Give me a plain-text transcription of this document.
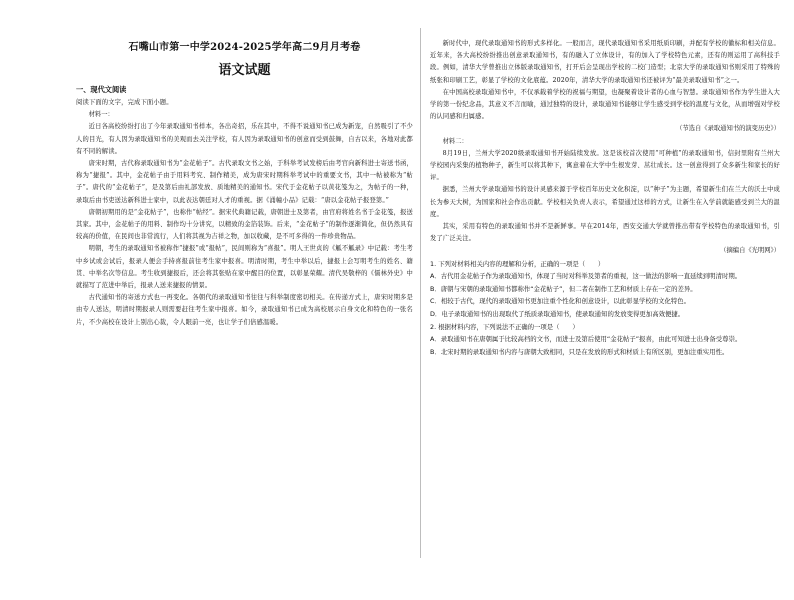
石嘴山市第一中学2024-2025学年高二9月月考卷
语文试题
一、现代文阅读

阅读下面的文字，完成下面小题。

材料一：

近日各高校纷纷打出了今年录取通知书样本，各出奇招，乐在其中，不得不说通知书已成为新宠，自然吸引了不少人的目光，有人因为录取通知书的美观而去关注学校，有人因为录取通知书的创意而受到鼓舞，自古以来，各地对此都有不同的解读。

唐宋时期，古代称录取通知书为“金花帖子”。古代录取文书之始，于科举考试发榜后由考官向新科进士寄送书函，称为“捷报”。其中，金花帖子由于用料考究、制作精美，成为唐宋时期科举考试中的重要文书，其中一帖被称为“帖子”。唐代的“金花帖子”，是及第后由礼部发放、质地精美的通知书。宋代于金花帖子以黄花笺为之，为帖子的一种，录取后由书吏送达新科进士家中，以此表达朝廷对人才的重视。据《涌幢小品》记载：“唐以金花帖子报登第。”

唐朝初期用的是“金花帖子”，也称作“帖经”。据宋代典籍记载，唐朝进士及第者，由官府将姓名书于金花笺，报送其家。其中，金花帖子的用料、制作均十分讲究，以精致的金箔装饰。后来，“金花帖子”的制作逐渐简化，但仍然具有较高的价值，在民间也非常流行，人们将其视为吉祥之物，加以收藏，是不可多得的一件珍贵物品。

明朝，考生的录取通知书被称作“捷报”或“报帖”，民间则称为“喜报”。明人王世贞的《觚不觚录》中记载：考生考中乡试或会试后，报录人便会手持喜报前往考生家中报喜。明清时期，考生中举以后，捷报上会写明考生的姓名、籍贯、中举名次等信息。考生收到捷报后，还会将其张贴在家中醒目的位置，以彰显荣耀。清代吴敬梓的《儒林外史》中就描写了范进中举后，报录人送来捷报的情景。

古代通知书的寄送方式也一再变化。各朝代的录取通知书往往与科举制度密切相关。在传递方式上，唐宋时期多是由专人送达，明清时期报录人则需要赶往考生家中报喜。如今，录取通知书已成为高校展示自身文化和特色的一张名片，不少高校在设计上别出心裁，令人眼前一亮，也让学子们倍感温暖。

新时代中，现代录取通知书的形式多样化。一般而言，现代录取通知书采用纸质印刷，并配有学校的徽标和相关信息。近年来，各大高校纷纷推出创意录取通知书，有的融入了立体设计，有的加入了学校特色元素，还有的则运用了高科技手段。例如，清华大学曾推出立体版录取通知书，打开后会呈现出学校的二校门造型；北京大学的录取通知书则采用了特殊的纸张和印刷工艺，彰显了学校的文化底蕴。2020年，清华大学的录取通知书还被评为“最美录取通知书”之一。

在中国高校录取通知书中，不仅承载着学校的祝福与期望，也凝聚着设计者的心血与智慧。录取通知书作为学生进入大学的第一份纪念品，其意义不言而喻，通过独特的设计，录取通知书能够让学生感受到学校的温度与文化，从而增强对学校的认同感和归属感。

（节选自《录取通知书的演变历史》）

材料二：

8月19日，兰州大学2020级录取通知书开始陆续发放。这是该校首次使用“可种植”的录取通知书，信封里附有兰州大学校园内采集的植物种子，新生可以将其种下，寓意着在大学中生根发芽、茁壮成长。这一创意得到了众多新生和家长的好评。

据悉，兰州大学录取通知书的设计灵感来源于学校百年历史文化积淀，以“种子”为主题，希望新生们在兰大的沃土中成长为参天大树，为国家和社会作出贡献。学校相关负责人表示，希望通过这样的方式，让新生在入学前就能感受到兰大的温度。

其实，采用有特色的录取通知书并不是新鲜事。早在2014年，西安交通大学就曾推出带有学校特色的录取通知书，引发了广泛关注。

（摘编自《光明网》）

1. 下列对材料相关内容的理解和分析，正确的一项是（　　）

A．古代用金花帖子作为录取通知书，体现了当时对科举及第者的重视，这一做法的影响一直延续到明清时期。

B．唐朝与宋朝的录取通知书都称作“金花帖子”，但二者在制作工艺和材质上存在一定的差异。

C．相较于古代，现代的录取通知书更加注重个性化和创意设计，以此彰显学校的文化特色。

D．电子录取通知书的出现取代了纸质录取通知书，使录取通知的发放变得更加高效便捷。

2. 根据材料内容，下列说法不正确的一项是（　　）

A．录取通知书在唐朝属于比较高档的文书，而进士及第后使用“金花帖子”报喜，由此可知进士出身备受尊崇。

B．北宋时期的录取通知书内容与唐朝大致相同，只是在发放的形式和材质上有所区别，更加注重实用性。
